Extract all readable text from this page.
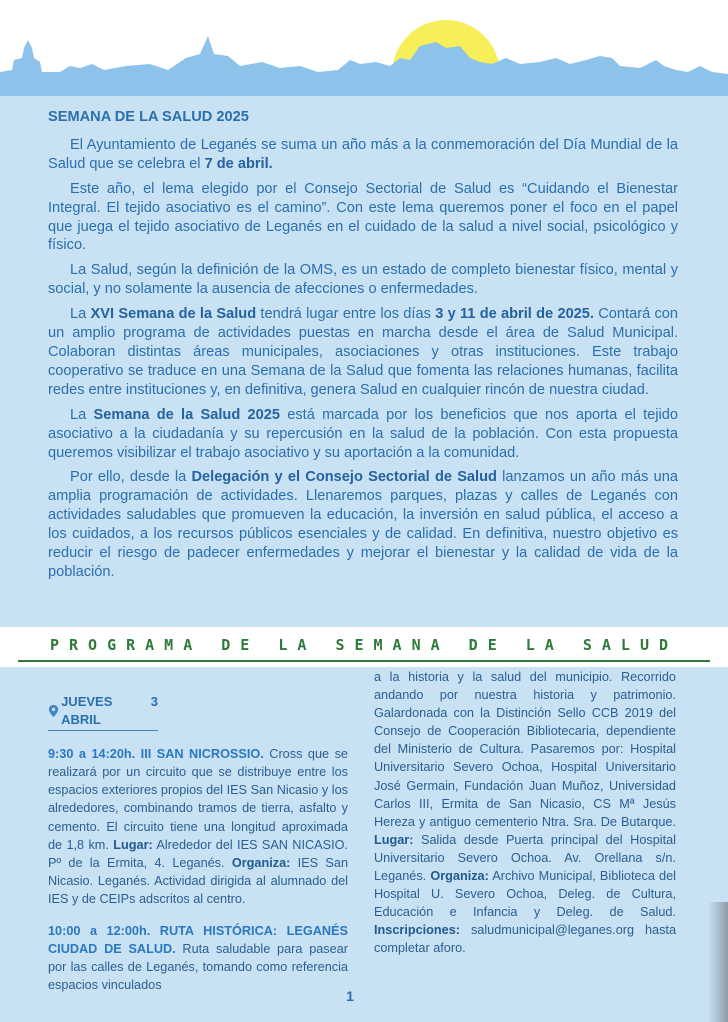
SEMANA DE LA SALUD 2025

El Ayuntamiento de Leganés se suma un año más a la conmemoración del Día Mundial de la Salud que se celebra el 7 de abril.

Este año, el lema elegido por el Consejo Sectorial de Salud es “Cuidando el Bienestar Integral. El tejido asociativo es el camino”. Con este lema queremos poner el foco en el papel que juega el tejido asociativo de Leganés en el cuidado de la salud a nivel social, psicológico y físico.

La Salud, según la definición de la OMS, es un estado de completo bienestar físico, mental y social, y no solamente la ausencia de afecciones o enfermedades.

La XVI Semana de la Salud tendrá lugar entre los días 3 y 11 de abril de 2025. Contará con un amplio programa de actividades puestas en marcha desde el área de Salud Municipal. Colaboran distintas áreas municipales, asociaciones y otras instituciones. Este trabajo cooperativo se traduce en una Semana de la Salud que fomenta las relaciones humanas, facilita redes entre instituciones y, en definitiva, genera Salud en cualquier rincón de nuestra ciudad.

La Semana de la Salud 2025 está marcada por los beneficios que nos aporta el tejido asociativo a la ciudadanía y su repercusión en la salud de la población. Con esta propuesta queremos visibilizar el trabajo asociativo y su aportación a la comunidad.

Por ello, desde la Delegación y el Consejo Sectorial de Salud lanzamos un año más una amplia programación de actividades. Llenaremos parques, plazas y calles de Leganés con actividades saludables que promueven la educación, la inversión en salud pública, el acceso a los cuidados, a los recursos públicos esenciales y de calidad. En definitiva, nuestro objetivo es reducir el riesgo de padecer enfermedades y mejorar el bienestar y la calidad de vida de la población.

PROGRAMA DE LA SEMANA DE LA SALUD
JUEVES 3 ABRIL

9:30 a 14:20h. III SAN NICROSSIO. Cross que se realizará por un circuito que se distribuye entre los espacios exteriores propios del IES San Nicasio y los alrededores, combinando tramos de tierra, asfalto y cemento. El circuito tiene una longitud aproximada de 1,8 km. Lugar: Alrededor del IES SAN NICASIO. Pº de la Ermita, 4. Leganés. Organiza: IES San Nicasio. Leganés. Actividad dirigida al alumnado del IES y de CEIPs adscritos al centro.

10:00 a 12:00h. RUTA HISTÓRICA: LEGANÉS CIUDAD DE SALUD. Ruta saludable para pasear por las calles de Leganés, tomando como referencia espacios vinculados

a la historia y la salud del municipio. Recorrido andando por nuestra historia y patrimonio. Galardonada con la Distinción Sello CCB 2019 del Consejo de Cooperación Bibliotecaria, dependiente del Ministerio de Cultura. Pasaremos por: Hospital Universitario Severo Ochoa, Hospital Universitario José Germain, Fundación Juan Muñoz, Universidad Carlos III, Ermita de San Nicasio, CS Mª Jesús Hereza y antiguo cementerio Ntra. Sra. De Butarque. Lugar: Salida desde Puerta principal del Hospital Universitario Severo Ochoa. Av. Orellana s/n. Leganés. Organiza: Archivo Municipal, Biblioteca del Hospital U. Severo Ochoa, Deleg. de Cultura, Educación e Infancia y Deleg. de Salud. Inscripciones: saludmunicipal@leganes.org hasta completar aforo.

1
